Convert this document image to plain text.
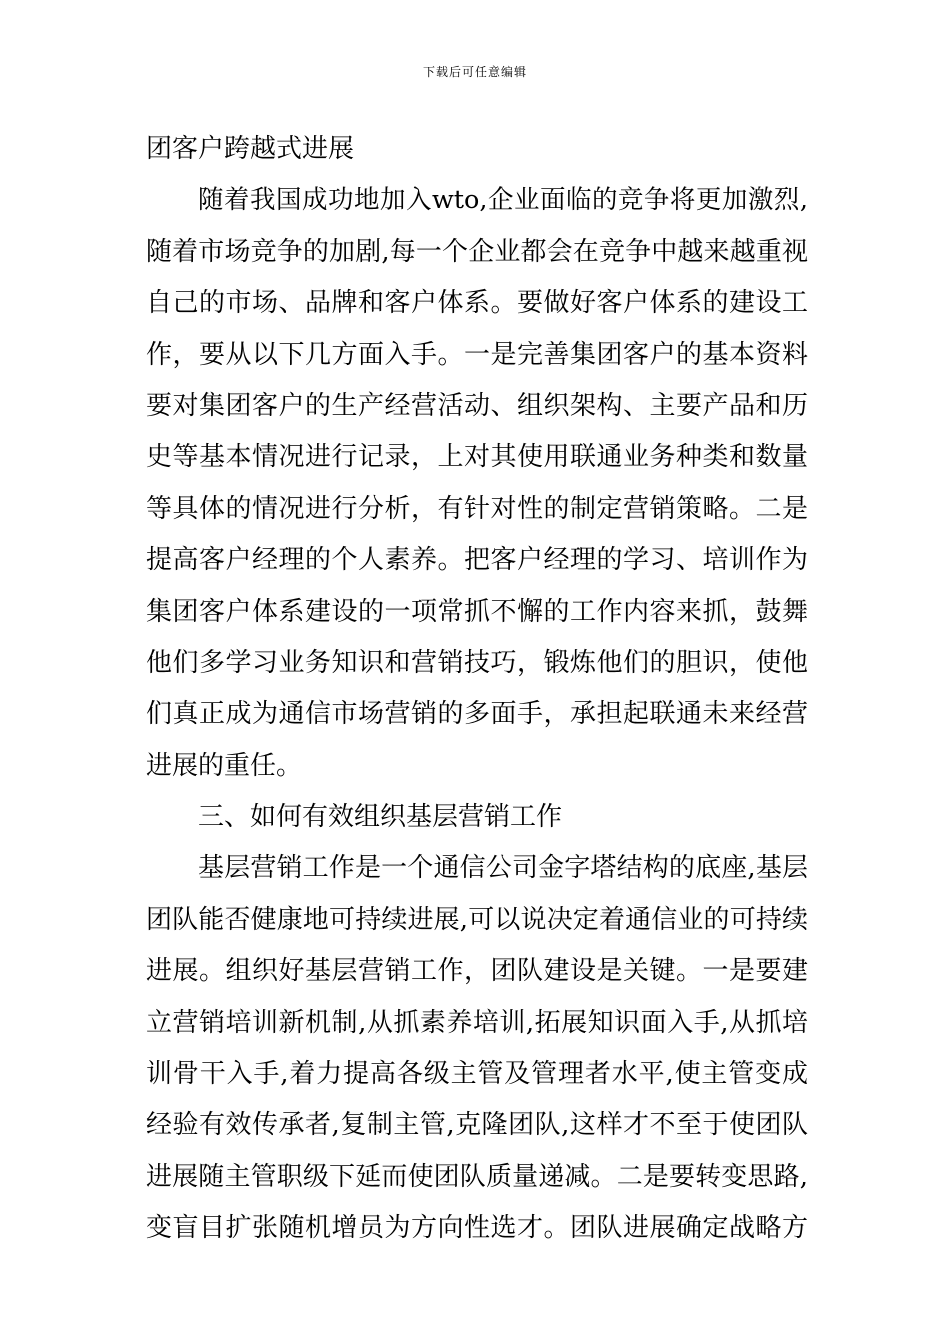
下载后可任意编辑
团客户跨越式进展
随着我国成功地加入wto,企业面临的竞争将更加激烈,
随着市场竞争的加剧,每一个企业都会在竞争中越来越重视
自己的市场、品牌和客户体系。要做好客户体系的建设工
作，要从以下几方面入手。一是完善集团客户的基本资料
要对集团客户的生产经营活动、组织架构、主要产品和历
史等基本情况进行记录，上对其使用联通业务种类和数量
等具体的情况进行分析，有针对性的制定营销策略。二是
提高客户经理的个人素养。把客户经理的学习、培训作为
集团客户体系建设的一项常抓不懈的工作内容来抓，鼓舞
他们多学习业务知识和营销技巧，锻炼他们的胆识，使他
们真正成为通信市场营销的多面手，承担起联通未来经营
进展的重任。
三、如何有效组织基层营销工作
基层营销工作是一个通信公司金字塔结构的底座,基层
团队能否健康地可持续进展,可以说决定着通信业的可持续
进展。组织好基层营销工作，团队建设是关键。一是要建
立营销培训新机制,从抓素养培训,拓展知识面入手,从抓培
训骨干入手,着力提高各级主管及管理者水平,使主管变成
经验有效传承者,复制主管,克隆团队,这样才不至于使团队
进展随主管职级下延而使团队质量递减。二是要转变思路,
变盲目扩张随机增员为方向性选才。团队进展确定战略方
